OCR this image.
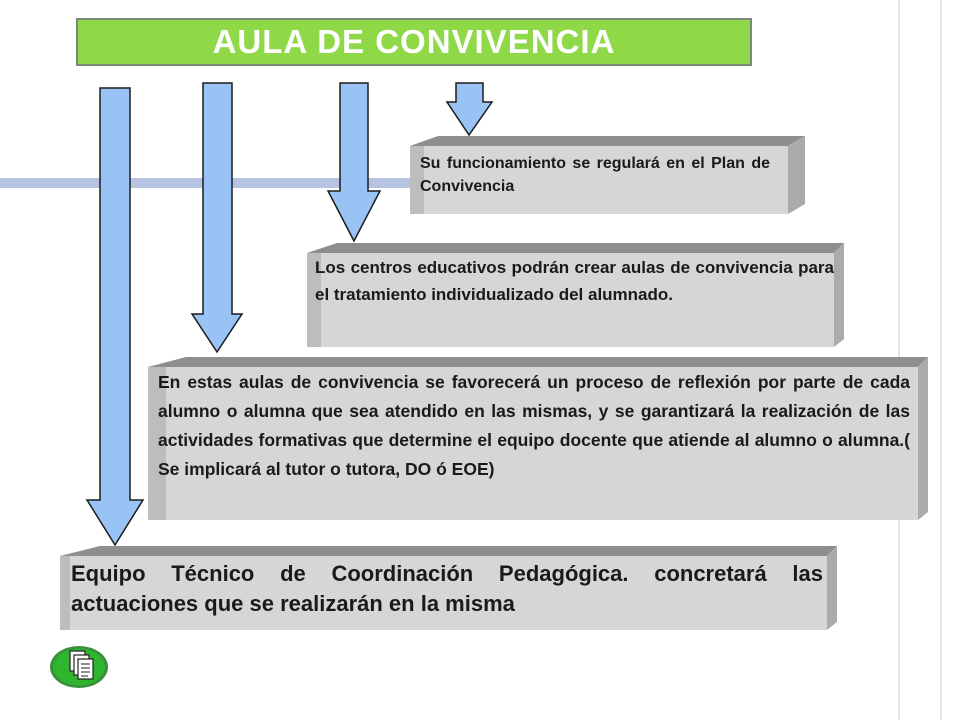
AULA DE CONVIVENCIA
Su funcionamiento se regulará en el Plan de Convivencia
Los centros educativos podrán crear aulas de convivencia para el tratamiento individualizado del alumnado.
En estas aulas de convivencia se favorecerá un proceso de reflexión por parte de cada alumno o alumna que sea atendido en las mismas, y se garantizará la realización de las actividades formativas que determine el equipo docente que atiende al alumno o alumna.( Se implicará al tutor o tutora, DO ó EOE)
Equipo Técnico de Coordinación Pedagógica. concretará las actuaciones que se realizarán en la misma
